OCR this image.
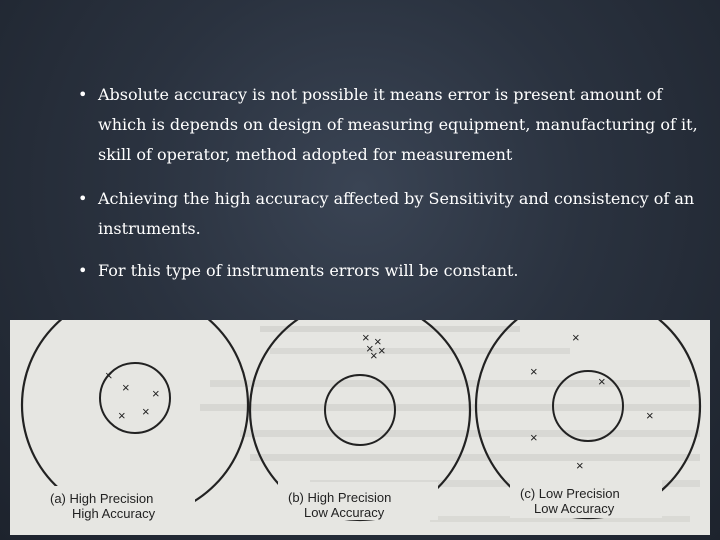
• Absolute accuracy is not possible it means error is present amount of which is depends on design of measuring equipment, manufacturing of it, skill of operator, method adopted for measurement
• Achieving the high accuracy affected by Sensitivity and consistency of an instruments.
• For this type of instruments errors will be constant.
×
× ×
×
×
(a) High Precision
High Accuracy
× ×
× ×
×
(b) High Precision
Low Accuracy
×
×
×
×
×
×
(c) Low Precision
Low Accuracy
